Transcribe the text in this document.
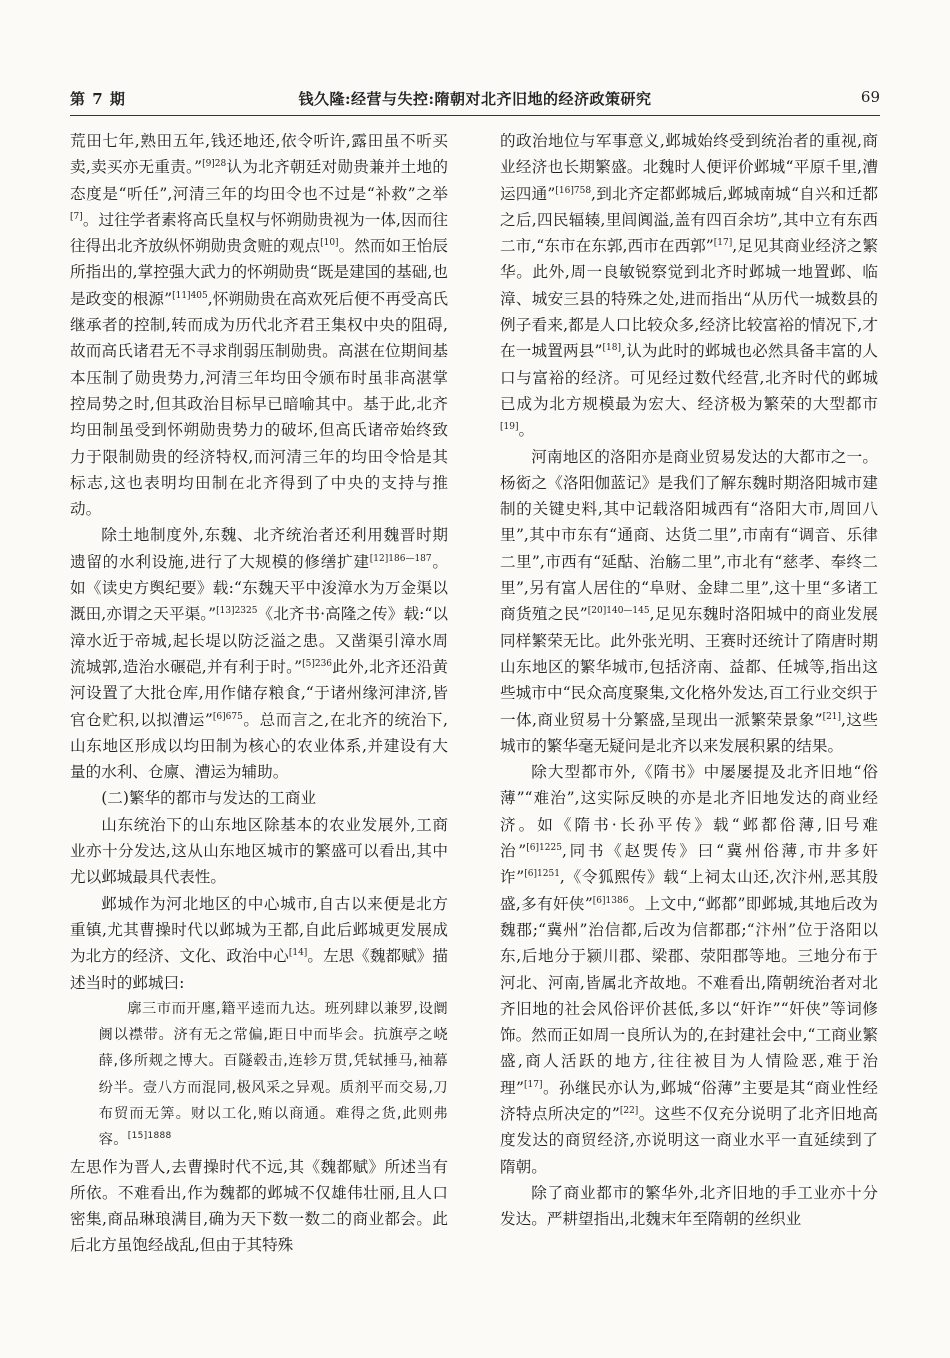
第 7 期	钱久隆:经营与失控:隋朝对北齐旧地的经济政策研究	69

荒田七年,熟田五年,钱还地还,依令听许,露田虽不听买卖,卖买亦无重责。”$^{[9]28}$认为北齐朝廷对勋贵兼并土地的态度是“听任”,河清三年的均田令也不过是“补救”之举[7]。过往学者素将高氏皇权与怀朔勋贵视为一体,因而往往得出北齐放纵怀朔勋贵贪赃的观点[10]。然而如王怡辰所指出的,掌控强大武力的怀朔勋贵“既是建国的基础,也是政变的根源”$^{[11]405}$,怀朔勋贵在高欢死后便不再受高氏继承者的控制,转而成为历代北齐君王集权中央的阻碍,故而高氏诸君无不寻求削弱压制勋贵。高湛在位期间基本压制了勋贵势力,河清三年均田令颁布时虽非高湛掌控局势之时,但其政治目标早已暗喻其中。基于此,北齐均田制虽受到怀朔勋贵势力的破坏,但高氏诸帝始终致力于限制勋贵的经济特权,而河清三年的均田令恰是其标志,这也表明均田制在北齐得到了中央的支持与推动。

除土地制度外,东魏、北齐统治者还利用魏晋时期遗留的水利设施,进行了大规模的修缮扩建$^{[12]186—187}$。如《读史方舆纪要》载:“东魏天平中浚漳水为万金渠以溉田,亦谓之天平渠。”$^{[13]2325}$《北齐书·高隆之传》载:“以漳水近于帝城,起长堤以防泛溢之患。又凿渠引漳水周流城郭,造治水碾硙,并有利于时。”$^{[5]236}$此外,北齐还沿黄河设置了大批仓库,用作储存粮食,“于诸州缘河津济,皆官仓贮积,以拟漕运”$^{[6]675}$。总而言之,在北齐的统治下,山东地区形成以均田制为核心的农业体系,并建设有大量的水利、仓廪、漕运为辅助。

(二)繁华的都市与发达的工商业

山东统治下的山东地区除基本的农业发展外,工商业亦十分发达,这从山东地区城市的繁盛可以看出,其中尤以邺城最具代表性。

邺城作为河北地区的中心城市,自古以来便是北方重镇,尤其曹操时代以邺城为王都,自此后邺城更发展成为北方的经济、文化、政治中心[14]。左思《魏都赋》描述当时的邺城曰:

廓三市而开廛,籍平逵而九达。班列肆以兼罗,设阛阓以襟带。济有无之常偏,距日中而毕会。抗旗亭之峣薛,侈所觌之博大。百隧毂击,连轸万贯,凭轼捶马,袖幕纷半。壹八方而混同,极风采之异观。质剂平而交易,刀布贸而无筭。财以工化,贿以商通。难得之货,此则弗容。$^{[15]1888}$

左思作为晋人,去曹操时代不远,其《魏都赋》所述当有所依。不难看出,作为魏都的邺城不仅雄伟壮丽,且人口密集,商品琳琅满目,确为天下数一数二的商业都会。此后北方虽饱经战乱,但由于其特殊

的政治地位与军事意义,邺城始终受到统治者的重视,商业经济也长期繁盛。北魏时人便评价邺城“平原千里,漕运四通”$^{[16]758}$,到北齐定都邺城后,邺城南城“自兴和迁都之后,四民辐辏,里闾阗溢,盖有四百余坊”,其中立有东西二市,“东市在东郭,西市在西郭”[17],足见其商业经济之繁华。此外,周一良敏锐察觉到北齐时邺城一地置邺、临漳、城安三县的特殊之处,进而指出“从历代一城数县的例子看来,都是人口比较众多,经济比较富裕的情况下,才在一城置两县”[18],认为此时的邺城也必然具备丰富的人口与富裕的经济。可见经过数代经营,北齐时代的邺城已成为北方规模最为宏大、经济极为繁荣的大型都市[19]。

河南地区的洛阳亦是商业贸易发达的大都市之一。杨衒之《洛阳伽蓝记》是我们了解东魏时期洛阳城市建制的关键史料,其中记载洛阳城西有“洛阳大市,周回八里”,其中市东有“通商、达货二里”,市南有“调音、乐律二里”,市西有“延酤、治觞二里”,市北有“慈孝、奉终二里”,另有富人居住的“阜财、金肆二里”,这十里“多诸工商货殖之民”$^{[20]140—145}$,足见东魏时洛阳城中的商业发展同样繁荣无比。此外张光明、王赛时还统计了隋唐时期山东地区的繁华城市,包括济南、益都、任城等,指出这些城市中“民众高度聚集,文化格外发达,百工行业交织于一体,商业贸易十分繁盛,呈现出一派繁荣景象”[21],这些城市的繁华毫无疑问是北齐以来发展积累的结果。

除大型都市外,《隋书》中屡屡提及北齐旧地“俗薄”“难治”,这实际反映的亦是北齐旧地发达的商业经济。如《隋书·长孙平传》载“邺都俗薄,旧号难治”$^{[6]1225}$,同书《赵煚传》曰“冀州俗薄,市井多奸诈”$^{[6]1251}$,《令狐熙传》载“上祠太山还,次汴州,恶其殷盛,多有奸侠”$^{[6]1386}$。上文中,“邺都”即邺城,其地后改为魏郡;“冀州”治信都,后改为信都郡;“汴州”位于洛阳以东,后地分于颍川郡、梁郡、荥阳郡等地。三地分布于河北、河南,皆属北齐故地。不难看出,隋朝统治者对北齐旧地的社会风俗评价甚低,多以“奸诈”“奸侠”等词修饰。然而正如周一良所认为的,在封建社会中,“工商业繁盛,商人活跃的地方,往往被目为人情险恶,难于治理”[17]。孙继民亦认为,邺城“俗薄”主要是其“商业性经济特点所决定的”[22]。这些不仅充分说明了北齐旧地高度发达的商贸经济,亦说明这一商业水平一直延续到了隋朝。

除了商业都市的繁华外,北齐旧地的手工业亦十分发达。严耕望指出,北魏末年至隋朝的丝织业
